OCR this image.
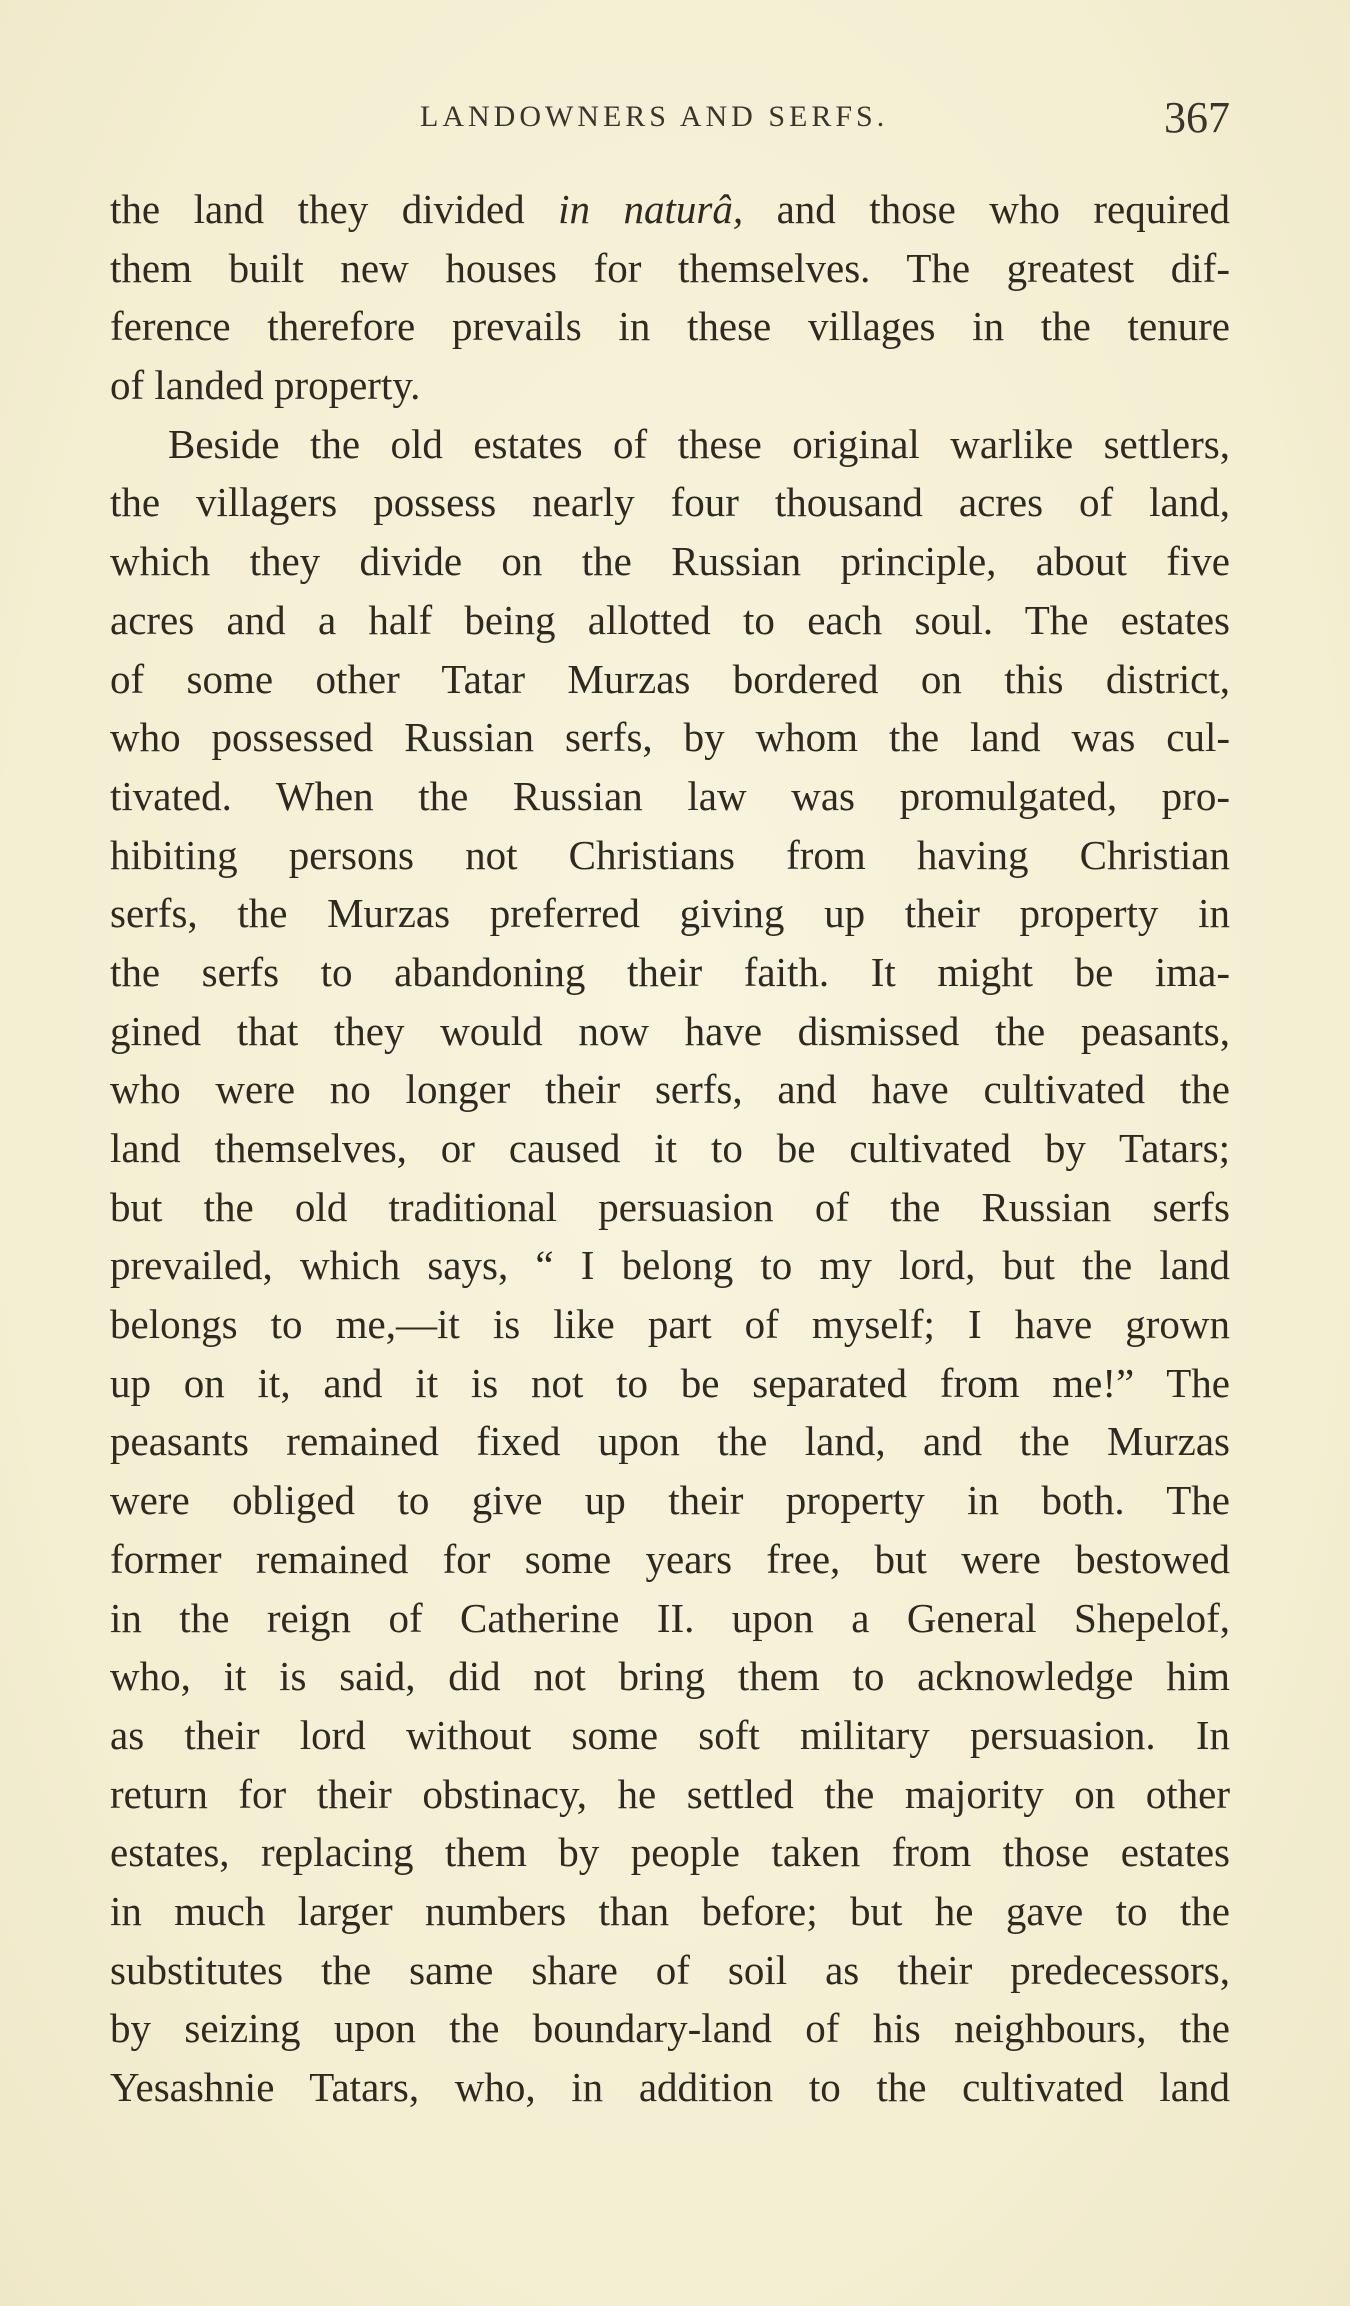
LANDOWNERS AND SERFS.	367
the land they divided in naturâ, and those who required
them built new houses for themselves. The greatest dif-
ference therefore prevails in these villages in the tenure
of landed property.
Beside the old estates of these original warlike settlers,
the villagers possess nearly four thousand acres of land,
which they divide on the Russian principle, about five
acres and a half being allotted to each soul. The estates
of some other Tatar Murzas bordered on this district,
who possessed Russian serfs, by whom the land was cul-
tivated. When the Russian law was promulgated, pro-
hibiting persons not Christians from having Christian
serfs, the Murzas preferred giving up their property in
the serfs to abandoning their faith. It might be ima-
gined that they would now have dismissed the peasants,
who were no longer their serfs, and have cultivated the
land themselves, or caused it to be cultivated by Tatars;
but the old traditional persuasion of the Russian serfs
prevailed, which says, “ I belong to my lord, but the land
belongs to me,—it is like part of myself; I have grown
up on it, and it is not to be separated from me!” The
peasants remained fixed upon the land, and the Murzas
were obliged to give up their property in both. The
former remained for some years free, but were bestowed
in the reign of Catherine II. upon a General Shepelof,
who, it is said, did not bring them to acknowledge him
as their lord without some soft military persuasion. In
return for their obstinacy, he settled the majority on other
estates, replacing them by people taken from those estates
in much larger numbers than before; but he gave to the
substitutes the same share of soil as their predecessors,
by seizing upon the boundary-land of his neighbours, the
Yesashnie Tatars, who, in addition to the cultivated land
